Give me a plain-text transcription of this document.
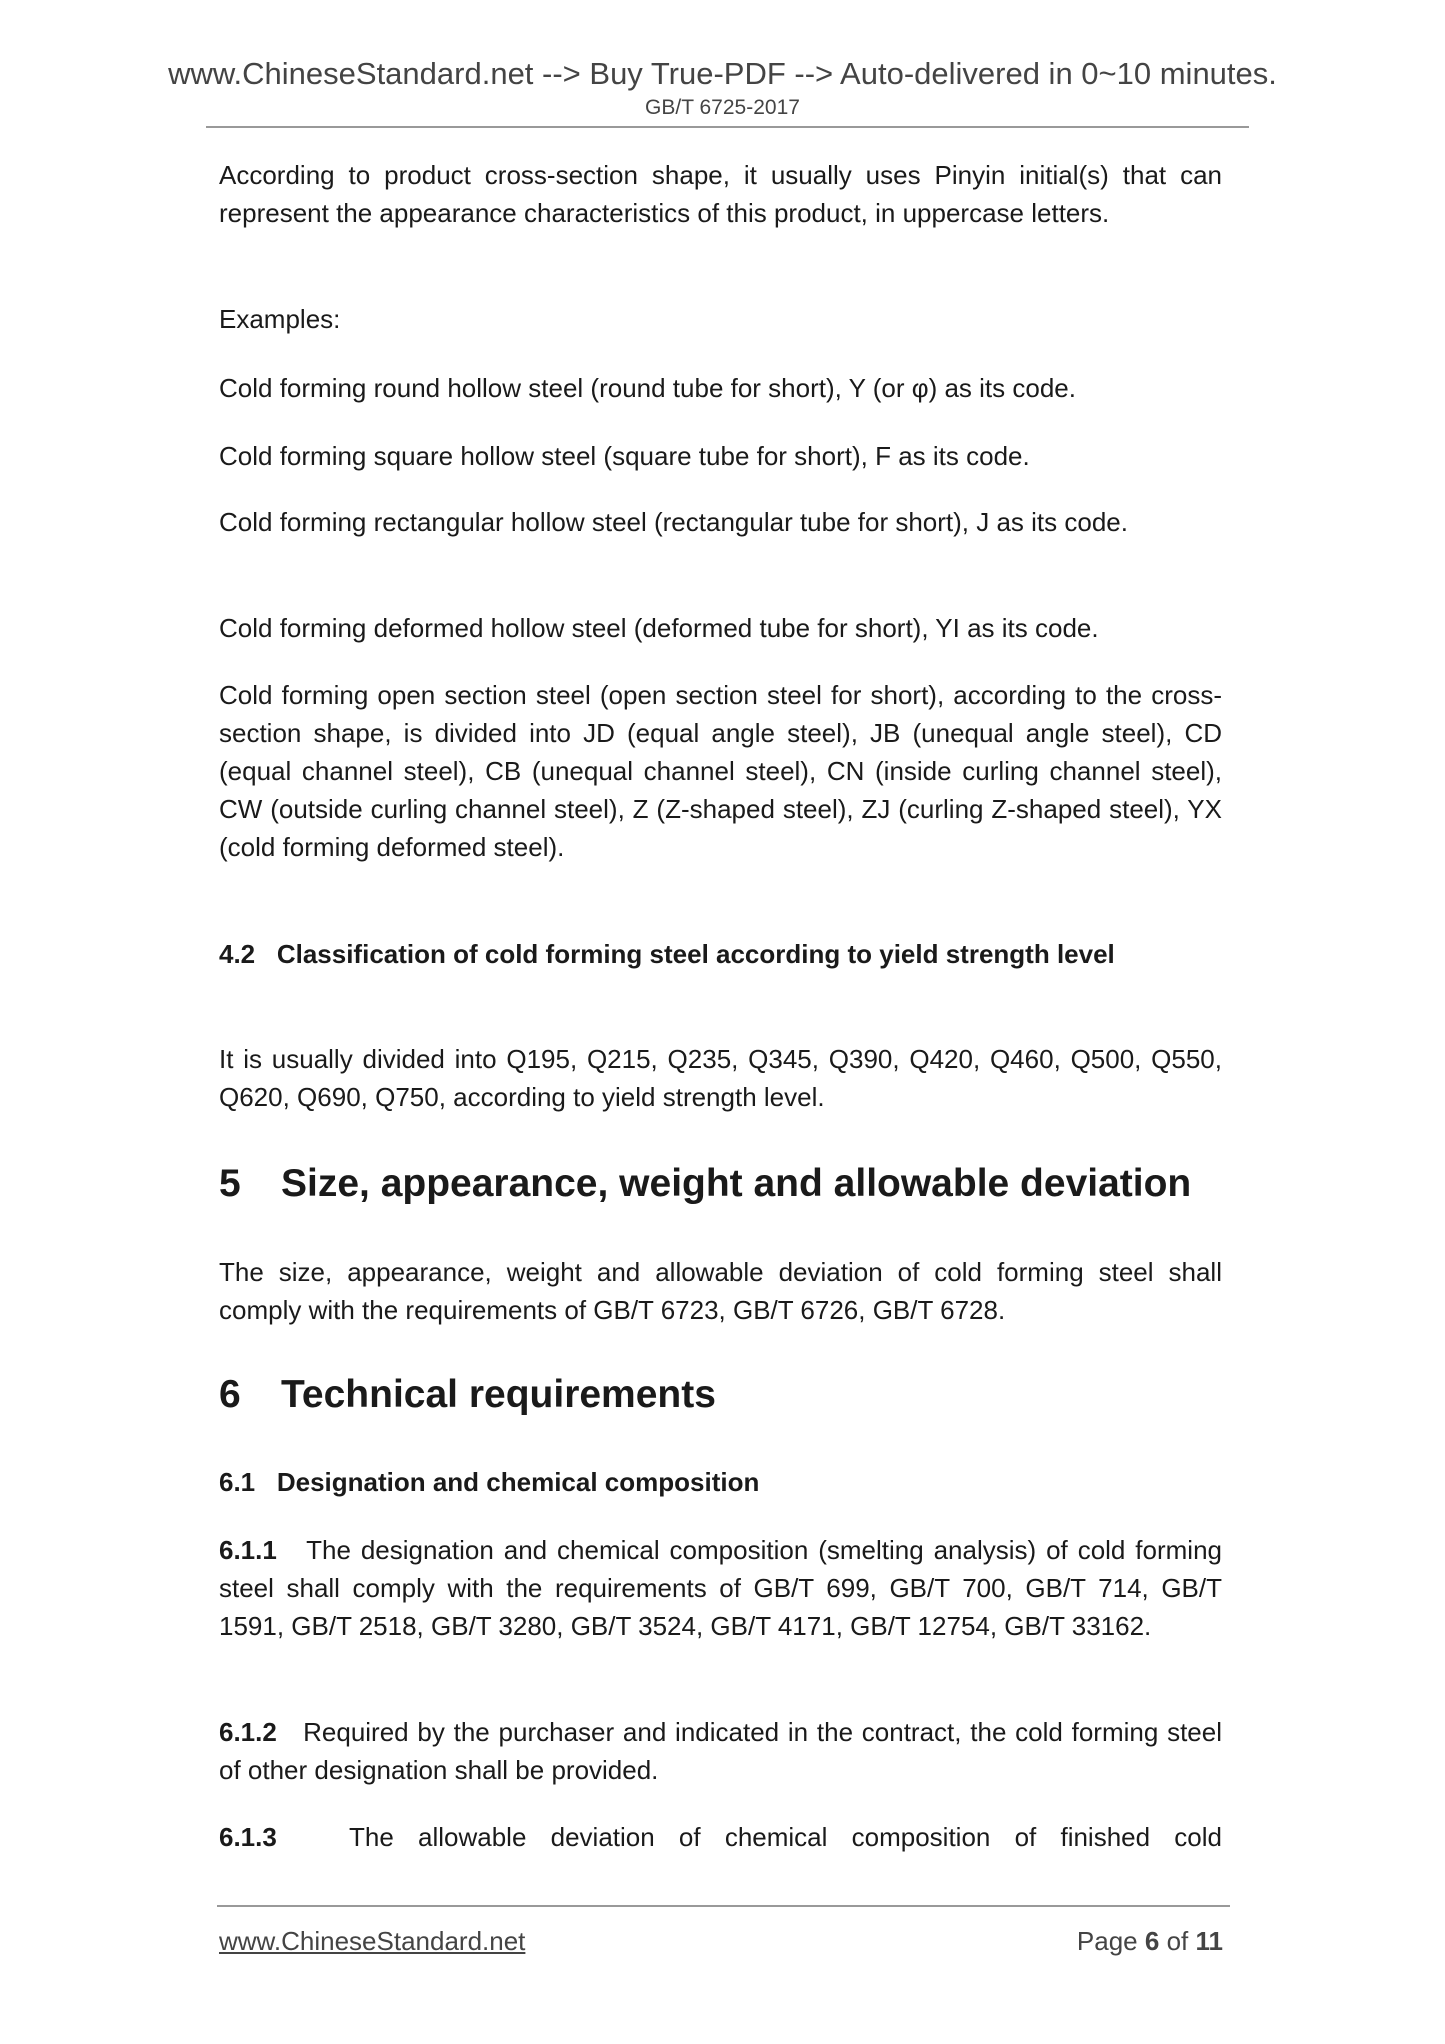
www.ChineseStandard.net --> Buy True-PDF --> Auto-delivered in 0~10 minutes.
GB/T 6725-2017
According to product cross-section shape, it usually uses Pinyin initial(s) that can represent the appearance characteristics of this product, in uppercase letters.
Examples:
Cold forming round hollow steel (round tube for short), Y (or φ) as its code.
Cold forming square hollow steel (square tube for short), F as its code.
Cold forming rectangular hollow steel (rectangular tube for short), J as its code.
Cold forming deformed hollow steel (deformed tube for short), YI as its code.
Cold forming open section steel (open section steel for short), according to the cross-section shape, is divided into JD (equal angle steel), JB (unequal angle steel), CD (equal channel steel), CB (unequal channel steel), CN (inside curling channel steel), CW (outside curling channel steel), Z (Z-shaped steel), ZJ (curling Z-shaped steel), YX (cold forming deformed steel).
4.2 Classification of cold forming steel according to yield strength level
It is usually divided into Q195, Q215, Q235, Q345, Q390, Q420, Q460, Q500, Q550, Q620, Q690, Q750, according to yield strength level.
5 Size, appearance, weight and allowable deviation
The size, appearance, weight and allowable deviation of cold forming steel shall comply with the requirements of GB/T 6723, GB/T 6726, GB/T 6728.
6 Technical requirements
6.1 Designation and chemical composition
6.1.1 The designation and chemical composition (smelting analysis) of cold forming steel shall comply with the requirements of GB/T 699, GB/T 700, GB/T 714, GB/T 1591, GB/T 2518, GB/T 3280, GB/T 3524, GB/T 4171, GB/T 12754, GB/T 33162.
6.1.2 Required by the purchaser and indicated in the contract, the cold forming steel of other designation shall be provided.
6.1.3	The allowable deviation of chemical composition of finished cold
www.ChineseStandard.net	Page 6 of 11
